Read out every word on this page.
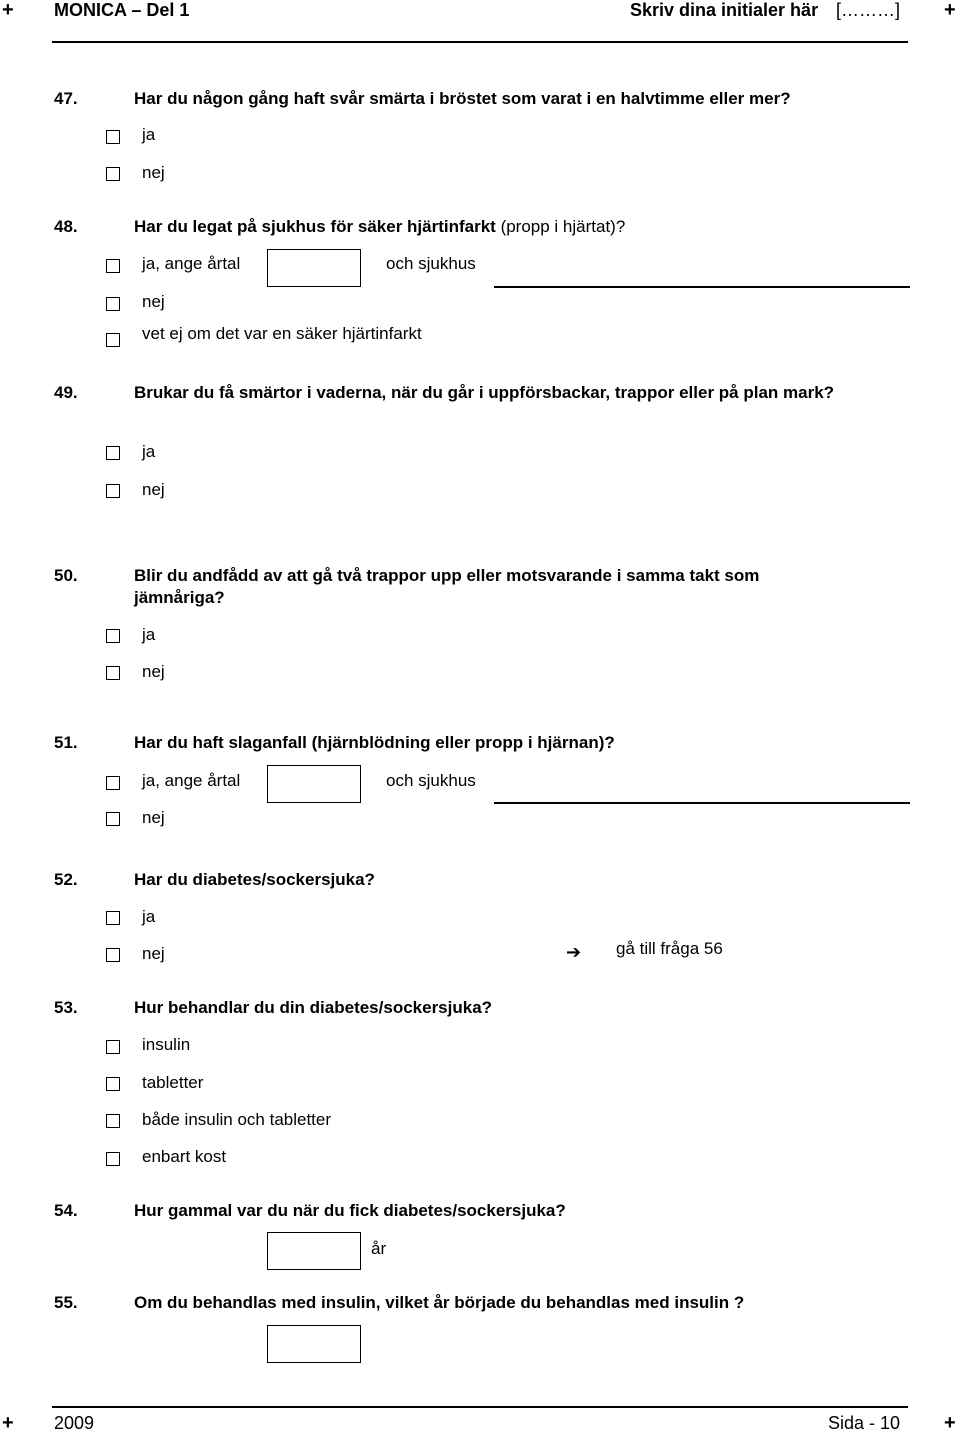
+ MONICA – Del 1	Skriv dina initialer här [………] +
47.	Har du någon gång haft svår smärta i bröstet som varat i en halvtimme eller mer?
ja
nej
48.	Har du legat på sjukhus för säker hjärtinfarkt (propp i hjärtat)?
ja, ange årtal	och sjukhus
nej
vet ej om det var en säker hjärtinfarkt
49.	Brukar du få smärtor i vaderna, när du går i uppförsbackar, trappor eller på plan mark?
ja
nej
50.	Blir du andfådd av att gå två trappor upp eller motsvarande i samma takt som jämnåriga?
ja
nej
51.	Har du haft slaganfall (hjärnblödning eller propp i hjärnan)?
ja, ange årtal	och sjukhus
nej
52.	Har du diabetes/sockersjuka?
ja
nej	➔ gå till fråga 56
53.	Hur behandlar du din diabetes/sockersjuka?
insulin
tabletter
både insulin och tabletter
enbart kost
54.	Hur gammal var du när du fick diabetes/sockersjuka?
år
55.	Om du behandlas med insulin, vilket år började du behandlas med insulin ?
+ 2009	Sida - 10 +
